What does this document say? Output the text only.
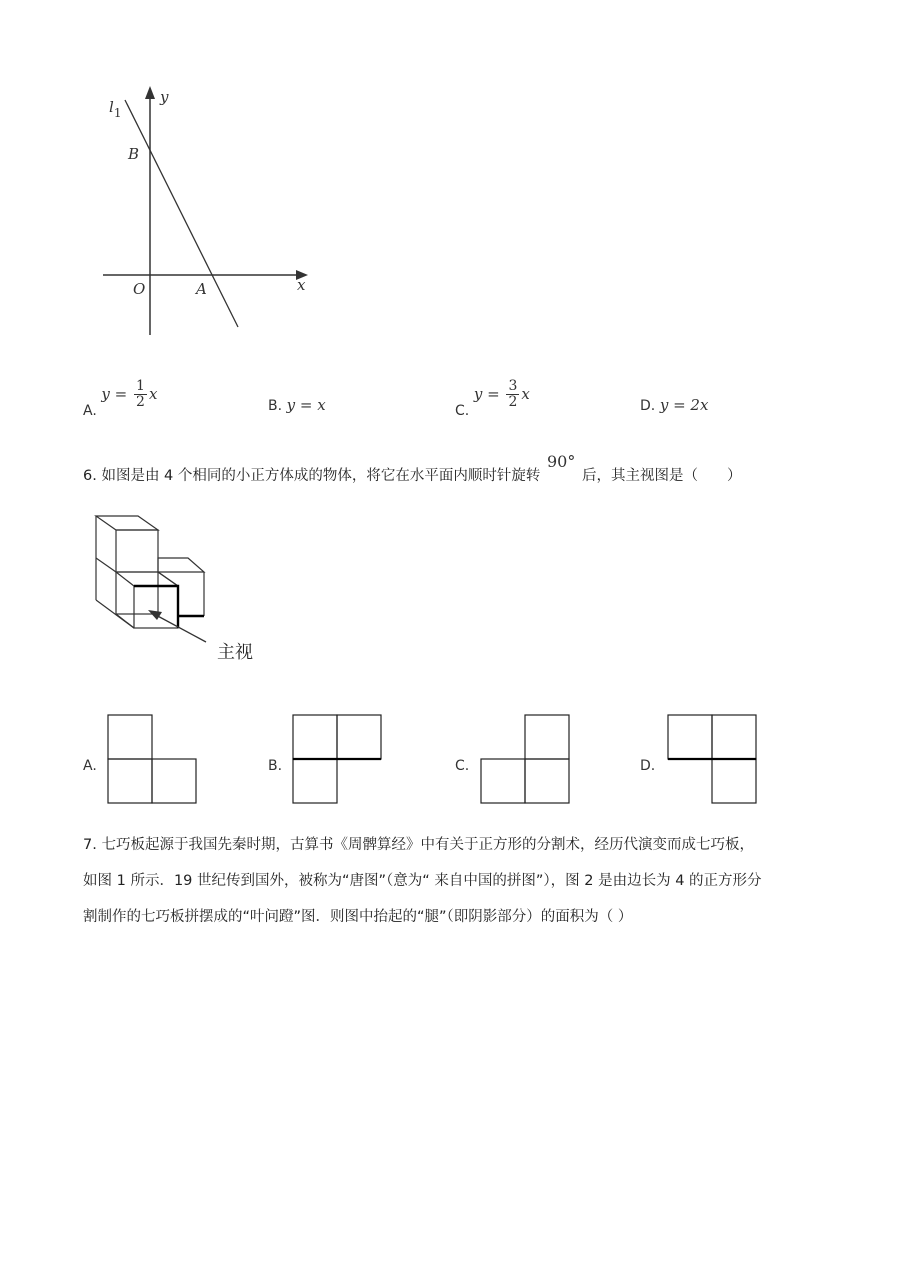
$l_1$
y
x
O	A
B
A. $y = \frac{1}{2}$ x
B. y = x	C. $y = \frac{3}{2}$ x
D. y = 2x
6. 如图是由 4 个相同的小正方体成的物体，将它在水平面内顺时针旋转 90° 后，其主视图是（　　）
主视
A.	B.	C.	D.
7. 七巧板起源于我国先秦时期，古算书《周髀算经》中有关于正方形的分割术，经历代演变而成七巧板，
如图 1 所示．19 世纪传到国外，被称为“唐图”（意为“ 来自中国的拼图”），图 2 是由边长为 4 的正方形分
割制作的七巧板拼摆成的“叶问蹬”图．则图中抬起的“腿”（即阴影部分）的面积为（ ）
